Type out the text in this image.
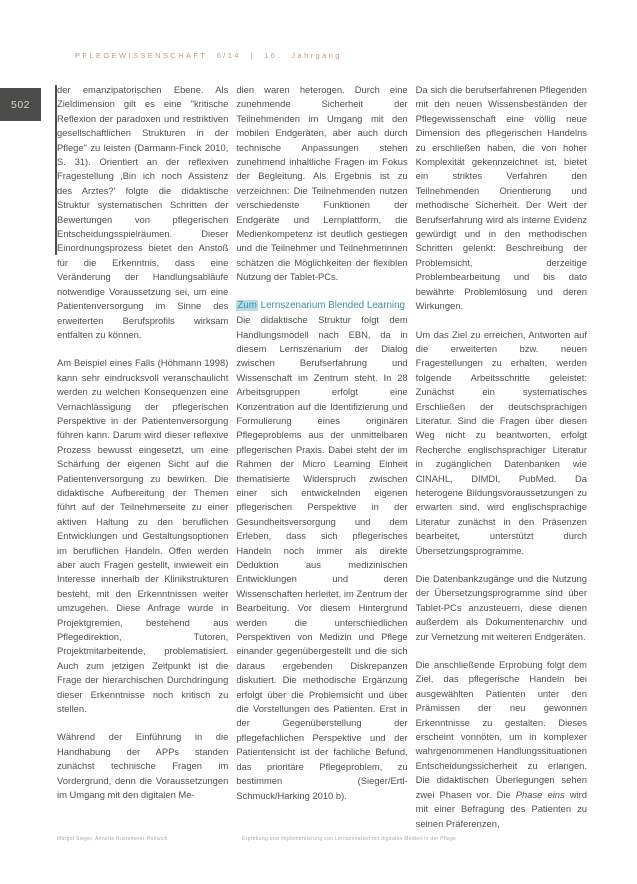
PFLEGEWISSENSCHAFT 6/14 | 16. Jahrgang
502

der emanzipatorischen Ebene. Als Zieldimension gilt es eine "kritische Reflexion der paradoxen und restriktiven gesellschaftlichen Strukturen in der Pflege" zu leisten (Darmann-Finck 2010, S. 31). Orientiert an der reflexiven Fragestellung ‚Bin ich noch Assistenz des Arztes?' folgte die didaktische Struktur systematischen Schritten der Bewertungen von pflegerischen Entscheidungsspielräumen. Dieser Einordnungsprozess bietet den Anstoß für die Erkenntnis, dass eine Veränderung der Handlungsabläufe notwendige Voraussetzung sei, um eine Patientenversorgung im Sinne des erweiterten Berufsprofils wirksam entfalten zu können.

Am Beispiel eines Falls (Höhmann 1998) kann sehr eindrucksvoll veranschaulicht werden zu welchen Konsequenzen eine Vernachlässigung der pflegerischen Perspektive in der Patientenversorgung führen kann. Darum wird dieser reflexive Prozess bewusst eingesetzt, um eine Schärfung der eigenen Sicht auf die Patientenversorgung zu bewirken. Die didaktische Aufbereitung der Themen führt auf der Teilnehmerseite zu einer aktiven Haltung zu den beruflichen Entwicklungen und Gestaltungsoptionen im beruflichen Handeln. Offen werden aber auch Fragen gestellt, inwieweit ein Interesse innerhalb der Klinikstrukturen besteht, mit den Erkenntnissen weiter umzugehen. Diese Anfrage wurde in Projektgremien, bestehend aus Pflegedirektion, Tutoren, Projektmitarbeitende, problematisiert. Auch zum jetzigen Zeitpunkt ist die Frage der hierarchischen Durchdringung dieser Erkenntnisse noch kritisch zu stellen.

Während der Einführung in die Handhabung der APPs standen zunächst technische Fragen im Vordergrund, denn die Voraussetzungen im Umgang mit den digitalen Me-

dien waren heterogen. Durch eine zunehmende Sicherheit der Teilnehmenden im Umgang mit den mobilen Endgeräten, aber auch durch technische Anpassungen stehen zunehmend inhaltliche Fragen im Fokus der Begleitung. Als Ergebnis ist zu verzeichnen: Die Teilnehmenden nutzen verschiedenste Funktionen der Endgeräte und Lernplattform, die Medienkompetenz ist deutlich gestiegen und die Teilnehmer und Teilnehmerinnen schätzen die Möglichkeiten der flexiblen Nutzung der Tablet-PCs.

Zum Lernszenarium Blended Learning

Die didaktische Struktur folgt dem Handlungsmodell nach EBN, da in diesem Lernszenarium der Dialog zwischen Berufserfahrung und Wissenschaft im Zentrum steht. In 28 Arbeitsgruppen erfolgt eine Konzentration auf die Identifizierung und Formulierung eines originären Pflegeproblems aus der unmittelbaren pflegerischen Praxis. Dabei steht der im Rahmen der Micro Learning Einheit thematisierte Widerspruch zwischen einer sich entwickelnden eigenen pflegerischen Perspektive in der Gesundheitsversorgung und dem Erleben, dass sich pflegerisches Handeln noch immer als direkte Deduktion aus medizinischen Entwicklungen und deren Wissenschaften herleitet, im Zentrum der Bearbeitung. Vor diesem Hintergrund werden die unterschiedlichen Perspektiven von Medizin und Pflege einander gegenübergestellt und die sich daraus ergebenden Diskrepanzen diskutiert. Die methodische Ergänzung erfolgt über die Problemsicht und über die Vorstellungen des Patienten. Erst in der Gegenüberstellung der pflegefachlichen Perspektive und der Patientensicht ist der fachliche Befund, das prioritäre Pflegeproblem, zu bestimmen (Sieger/Ertl-Schmuck/Harking 2010 b).

Da sich die berufserfahrenen Pflegenden mit den neuen Wissensbeständen der Pflegewissenschaft eine völlig neue Dimension des pflegerischen Handelns zu erschließen haben, die von hoher Komplexität gekennzeichnet ist, bietet ein striktes Verfahren den Teilnehmenden Orientierung und methodische Sicherheit. Der Wert der Berufserfahrung wird als interne Evidenz gewürdigt und in den methodischen Schritten gelenkt: Beschreibung der Problemsicht, derzeitige Problembearbeitung und bis dato bewährte Problemlösung und deren Wirkungen.

Um das Ziel zu erreichen, Antworten auf die erweiterten bzw. neuen Fragestellungen zu erhalten, werden folgende Arbeitsschritte geleistet: Zunächst ein systematisches Erschließen der deutschsprachigen Literatur. Sind die Fragen über diesen Weg nicht zu beantworten, erfolgt Recherche englischsprachiger Literatur in zugänglichen Datenbanken wie CINAHL, DIMDI, PubMed. Da heterogene Bildungsvoraussetzungen zu erwarten sind, wird englischsprachige Literatur zunächst in den Präsenzen bearbeitet, unterstützt durch Übersetzungsprogramme.

Die Datenbankzugänge und die Nutzung der Übersetzungsprogramme sind über Tablet-PCs anzusteuern, diese dienen außerdem als Dokumentenarchiv und zur Vernetzung mit weiteren Endgeräten.

Die anschließende Erprobung folgt dem Ziel, das pflegerische Handeln bei ausgewählten Patienten unter den Prämissen der neu gewonnen Erkenntnisse zu gestalten. Dieses erscheint vonnöten, um in komplexer wahrgenommenen Handlungssituationen Entscheidungssicherheit zu erlangen. Die didaktischen Überlegungen sehen zwei Phasen vor. Die Phase eins wird mit einer Befragung des Patienten zu seinen Präferenzen,

Margot Sieger, Annette Rustemeier-Holtwick	Erprobung und Implementierung von Lernszenarien mit digitalen Medien in der Pflege
